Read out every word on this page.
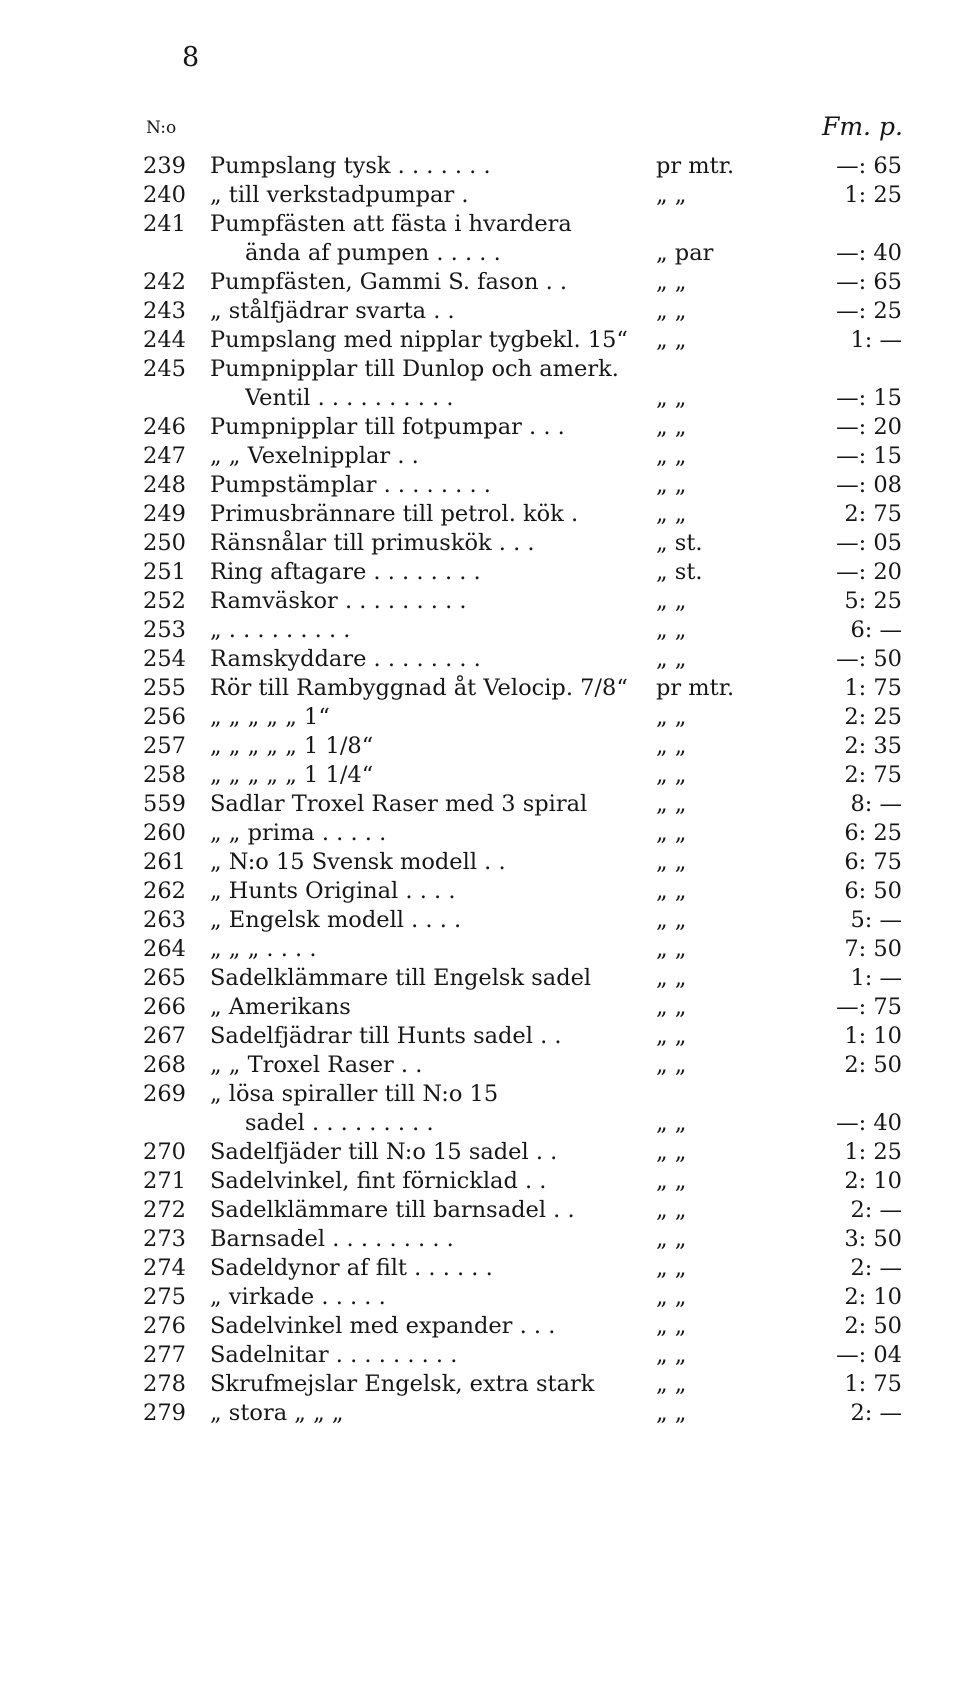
8
N:o	Fm. p.
239	Pumpslang tysk . . . . . . .	pr mtr.	—: 65
240	„ till verkstadpumpar .	„ „	1: 25
241	Pumpfästen att fästa i hvardera
ända af pumpen . . . . .	„ par	—: 40
242	Pumpfästen, Gammi S. fason . .	„ „	—: 65
243	„ stålfjädrar svarta . .	„ „	—: 25
244	Pumpslang med nipplar tygbekl. 15“	„ „	1: —
245	Pumpnipplar till Dunlop och amerk.
Ventil . . . . . . . . . .	„ „	—: 15
246	Pumpnipplar till fotpumpar . . .	„ „	—: 20
247	„ „ Vexelnipplar . .	„ „	—: 15
248	Pumpstämplar . . . . . . . .	„ „	—: 08
249	Primusbrännare till petrol. kök .	„ „	2: 75
250	Ränsnålar till primuskök . . .	„ st.	—: 05
251	Ring aftagare . . . . . . . .	„ st.	—: 20
252	Ramväskor . . . . . . . . .	„ „	5: 25
253	„ . . . . . . . . .	„ „	6: —
254	Ramskyddare . . . . . . . .	„ „	—: 50
255	Rör till Rambyggnad åt Velocip. 7/8“	pr mtr.	1: 75
256	„ „ „ „ „ 1“	„ „	2: 25
257	„ „ „ „ „ 1 1/8“	„ „	2: 35
258	„ „ „ „ „ 1 1/4“	„ „	2: 75
559	Sadlar Troxel Raser med 3 spiral	„ „	8: —
260	„ „ prima . . . . .	„ „	6: 25
261	„ N:o 15 Svensk modell . .	„ „	6: 75
262	„ Hunts Original . . . .	„ „	6: 50
263	„ Engelsk modell . . . .	„ „	5: —
264	„ „ „ . . . .	„ „	7: 50
265	Sadelklämmare till Engelsk sadel	„ „	1: —
266	„ Amerikans	„ „	—: 75
267	Sadelfjädrar till Hunts sadel . .	„ „	1: 10
268	„ „ Troxel Raser . .	„ „	2: 50
269	„ lösa spiraller till N:o 15
sadel . . . . . . . . .	„ „	—: 40
270	Sadelfjäder till N:o 15 sadel . .	„ „	1: 25
271	Sadelvinkel, fint förnicklad . .	„ „	2: 10
272	Sadelklämmare till barnsadel . .	„ „	2: —
273	Barnsadel . . . . . . . . .	„ „	3: 50
274	Sadeldynor af filt . . . . . .	„ „	2: —
275	„ virkade . . . . .	„ „	2: 10
276	Sadelvinkel med expander . . .	„ „	2: 50
277	Sadelnitar . . . . . . . . .	„ „	—: 04
278	Skrufmejslar Engelsk, extra stark	„ „	1: 75
279	„ stora „ „ „	„ „	2: —
